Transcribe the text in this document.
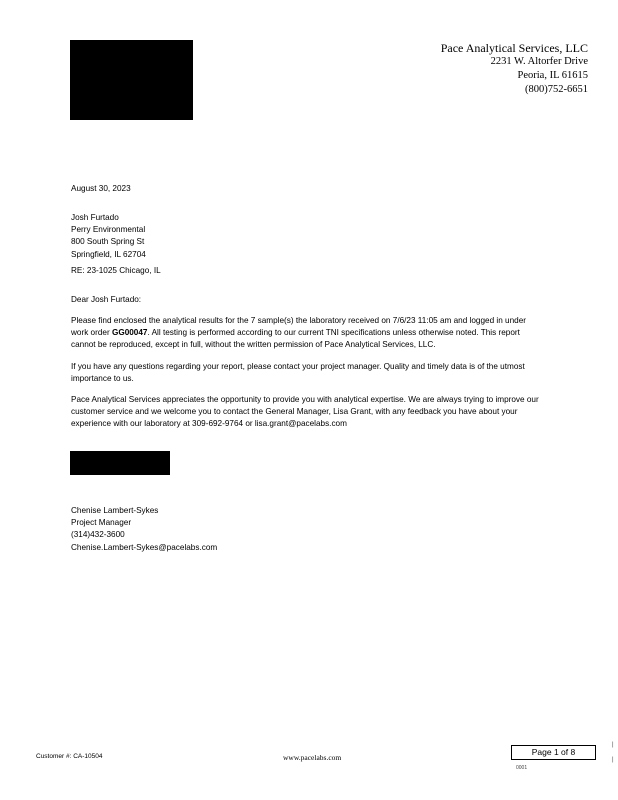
Pace Analytical Services, LLC
2231 W. Altorfer Drive
Peoria, IL 61615
(800)752-6651
August 30, 2023
Josh Furtado
Perry Environmental
800 South Spring St
Springfield, IL 62704
RE: 23-1025 Chicago, IL
Dear Josh Furtado:
Please find enclosed the analytical results for the 7 sample(s) the laboratory received on 7/6/23 11:05 am and logged in under work order GG00047. All testing is performed according to our current TNI specifications unless otherwise noted. This report cannot be reproduced, except in full, without the written permission of Pace Analytical Services, LLC.
If you have any questions regarding your report, please contact your project manager. Quality and timely data is of the utmost importance to us.
Pace Analytical Services appreciates the opportunity to provide you with analytical expertise. We are always trying to improve our customer service and we welcome you to contact the General Manager, Lisa Grant, with any feedback you have about your experience with our laboratory at 309-692-9764 or lisa.grant@pacelabs.com
Chenise Lambert-Sykes
Project Manager
(314)432-3600
Chenise.Lambert-Sykes@pacelabs.com
Customer #: CA-10504	www.pacelabs.com
Page 1 of 8
0001
|
|
